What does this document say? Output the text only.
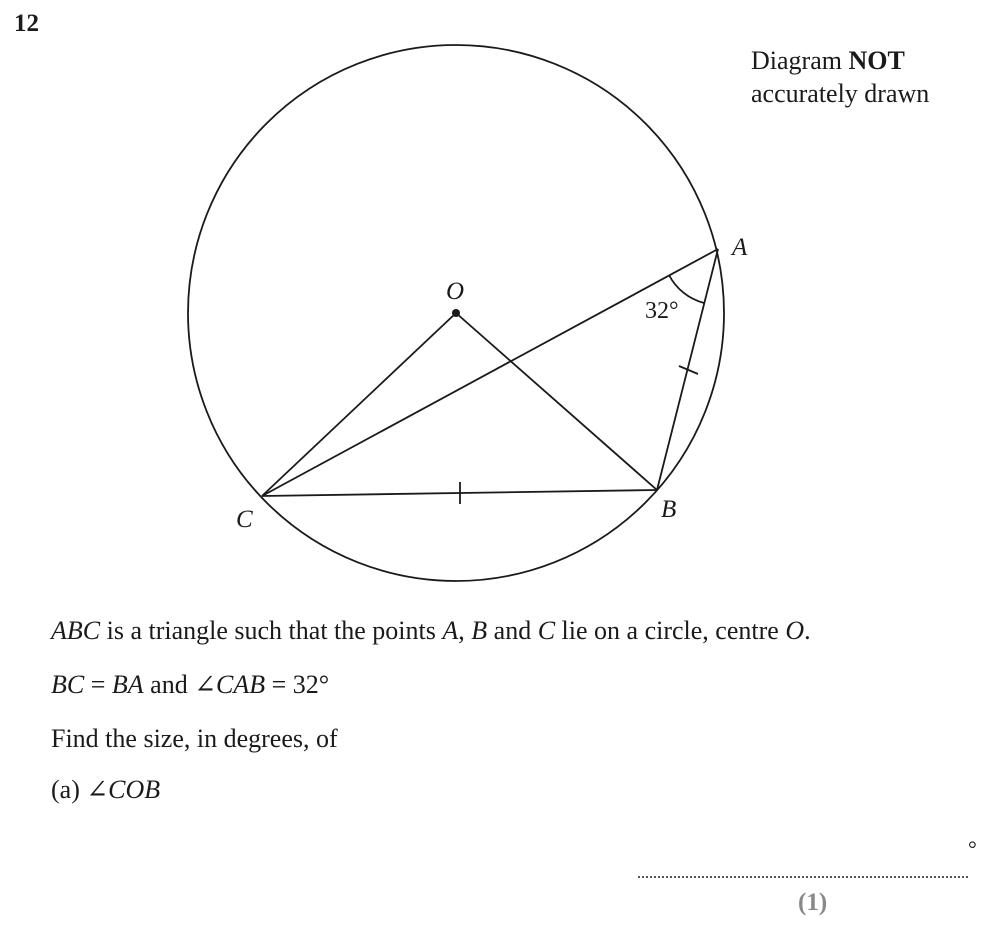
12
Diagram NOT
accurately drawn
O
A
B
C
32°
ABC is a triangle such that the points A, B and C lie on a circle, centre O.
BC = BA and ∠CAB = 32°
Find the size, in degrees, of
(a) ∠COB
°
(1)
